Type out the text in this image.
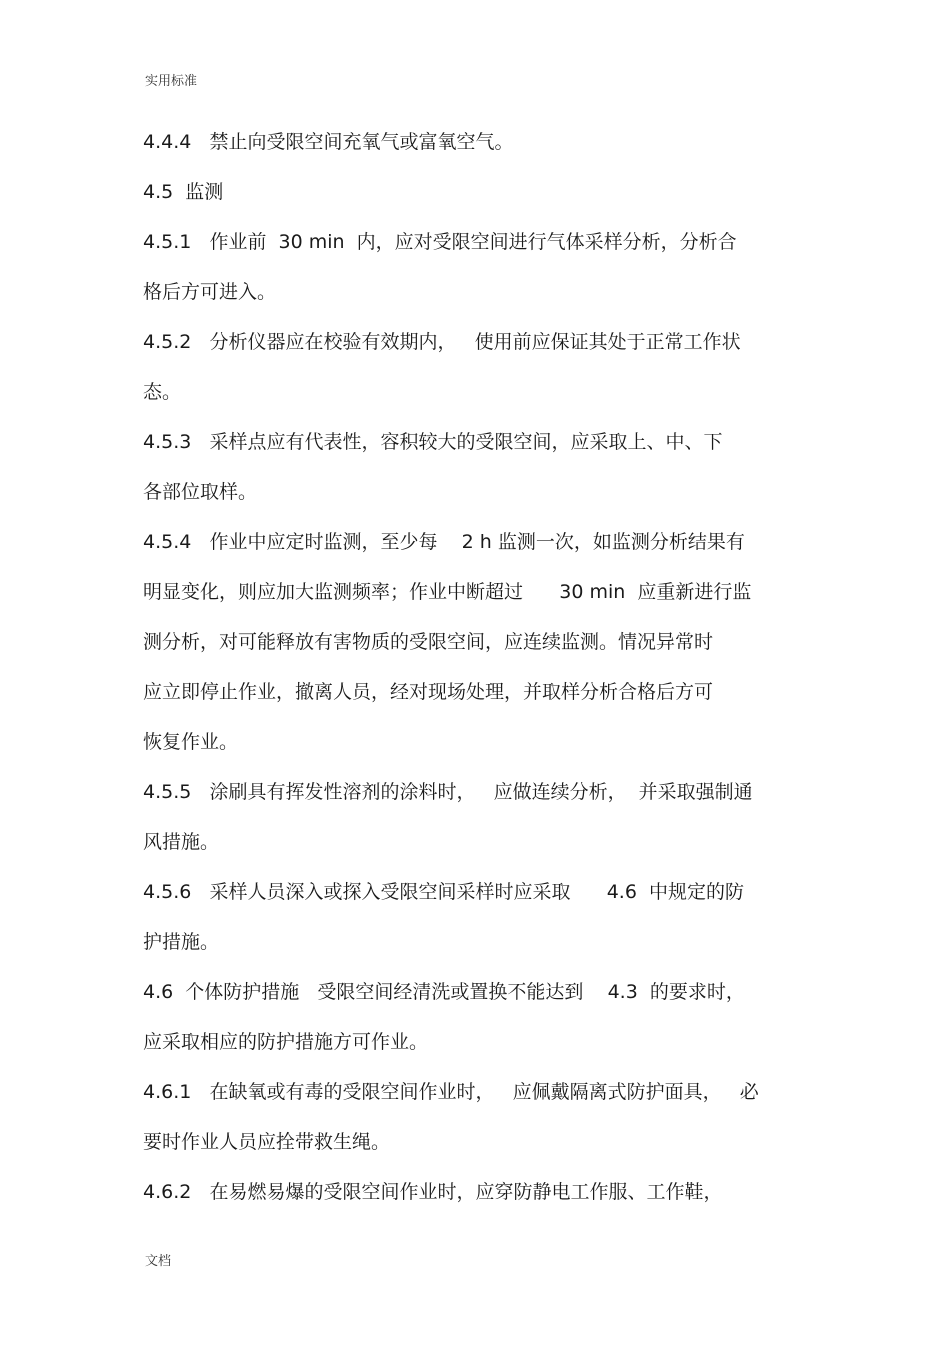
实用标准
4.4.4   禁止向受限空间充氧气或富氧空气。
4.5  监测
4.5.1   作业前  30 min  内，应对受限空间进行气体采样分析，分析合
格后方可进入。
4.5.2   分析仪器应在校验有效期内，   使用前应保证其处于正常工作状
态。
4.5.3   采样点应有代表性，容积较大的受限空间，应采取上、中、下
各部位取样。
4.5.4   作业中应定时监测，至少每    2 h 监测一次，如监测分析结果有
明显变化，则应加大监测频率；作业中断超过      30 min  应重新进行监
测分析，对可能释放有害物质的受限空间，应连续监测。情况异常时
应立即停止作业，撤离人员，经对现场处理，并取样分析合格后方可
恢复作业。
4.5.5   涂刷具有挥发性溶剂的涂料时，   应做连续分析，  并采取强制通
风措施。
4.5.6   采样人员深入或探入受限空间采样时应采取      4.6  中规定的防
护措施。
4.6  个体防护措施   受限空间经清洗或置换不能达到    4.3  的要求时，
应采取相应的防护措施方可作业。
4.6.1   在缺氧或有毒的受限空间作业时，   应佩戴隔离式防护面具，   必
要时作业人员应拴带救生绳。
4.6.2   在易燃易爆的受限空间作业时，应穿防静电工作服、工作鞋，
文档
